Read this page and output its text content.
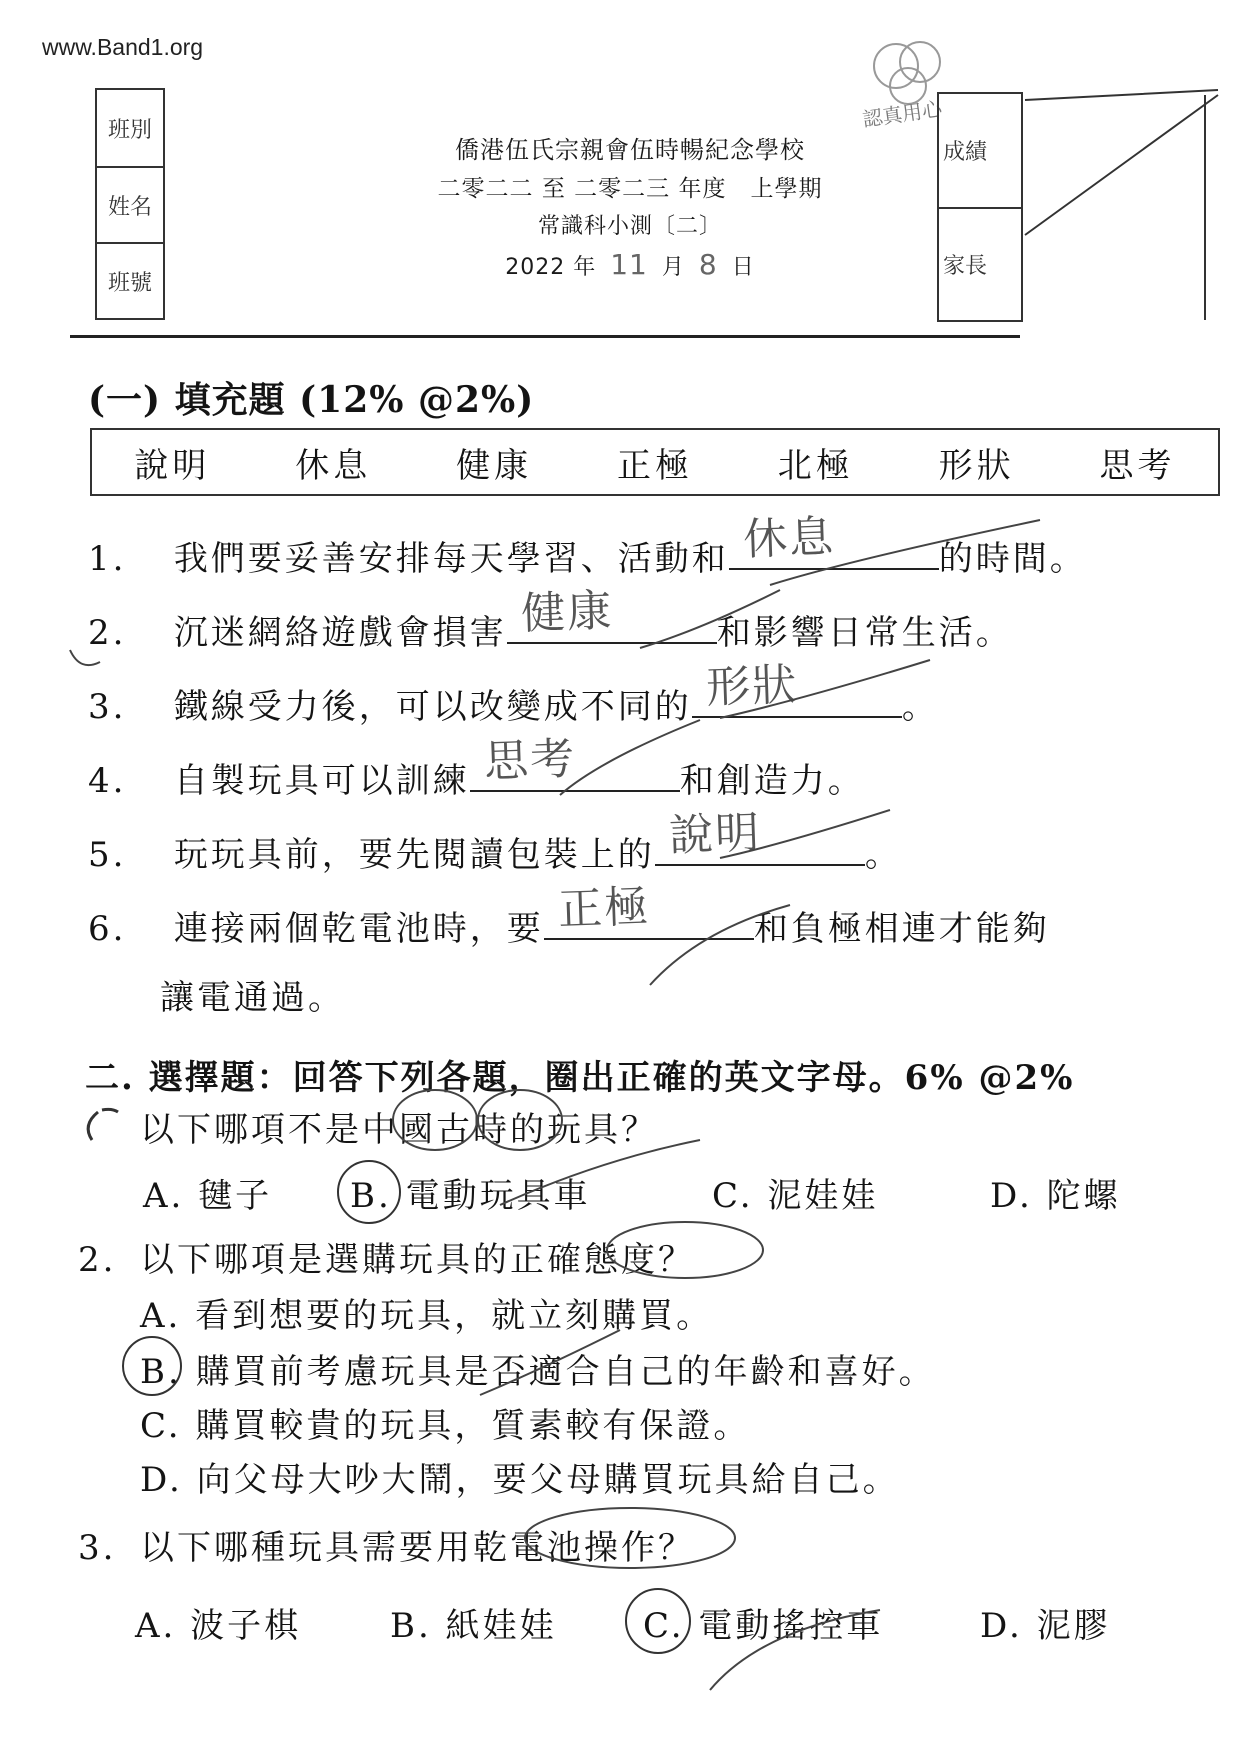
www.Band1.org
班別
姓名
班號
認真用心
成績
家長
僑港伍氏宗親會伍時暢紀念學校
二零二二 至 二零二三 年度　上學期
常識科小測〔二〕
2022 年 11 月 8 日
(一) 填充題 (12% @2%)
說明 休息 健康 正極 北極 形狀 思考
1. 我們要妥善安排每天學習、活動和 休息	的時間。
2. 沉迷網絡遊戲會損害 健康	和影響日常生活。
3. 鐵線受力後，可以改變成不同的 形狀	。
4. 自製玩具可以訓練 思考	和創造力。
5. 玩玩具前，要先閱讀包裝上的 說明	。
6. 連接兩個乾電池時，要 正極	和負極相連才能夠
讓電通過。
二. 選擇題：回答下列各題，圈出正確的英文字母。6% @2%
以下哪項不是中國古時的玩具？
A. 毽子 B. 電動玩具車	C. 泥娃娃	D. 陀螺
2. 以下哪項是選購玩具的正確態度？
A. 看到想要的玩具，就立刻購買。
B. 購買前考慮玩具是否適合自己的年齡和喜好。
C. 購買較貴的玩具，質素較有保證。
D. 向父母大吵大鬧，要父母購買玩具給自己。
3. 以下哪種玩具需要用乾電池操作？
A. 波子棋	B. 紙娃娃	C. 電動搖控車	D. 泥膠
